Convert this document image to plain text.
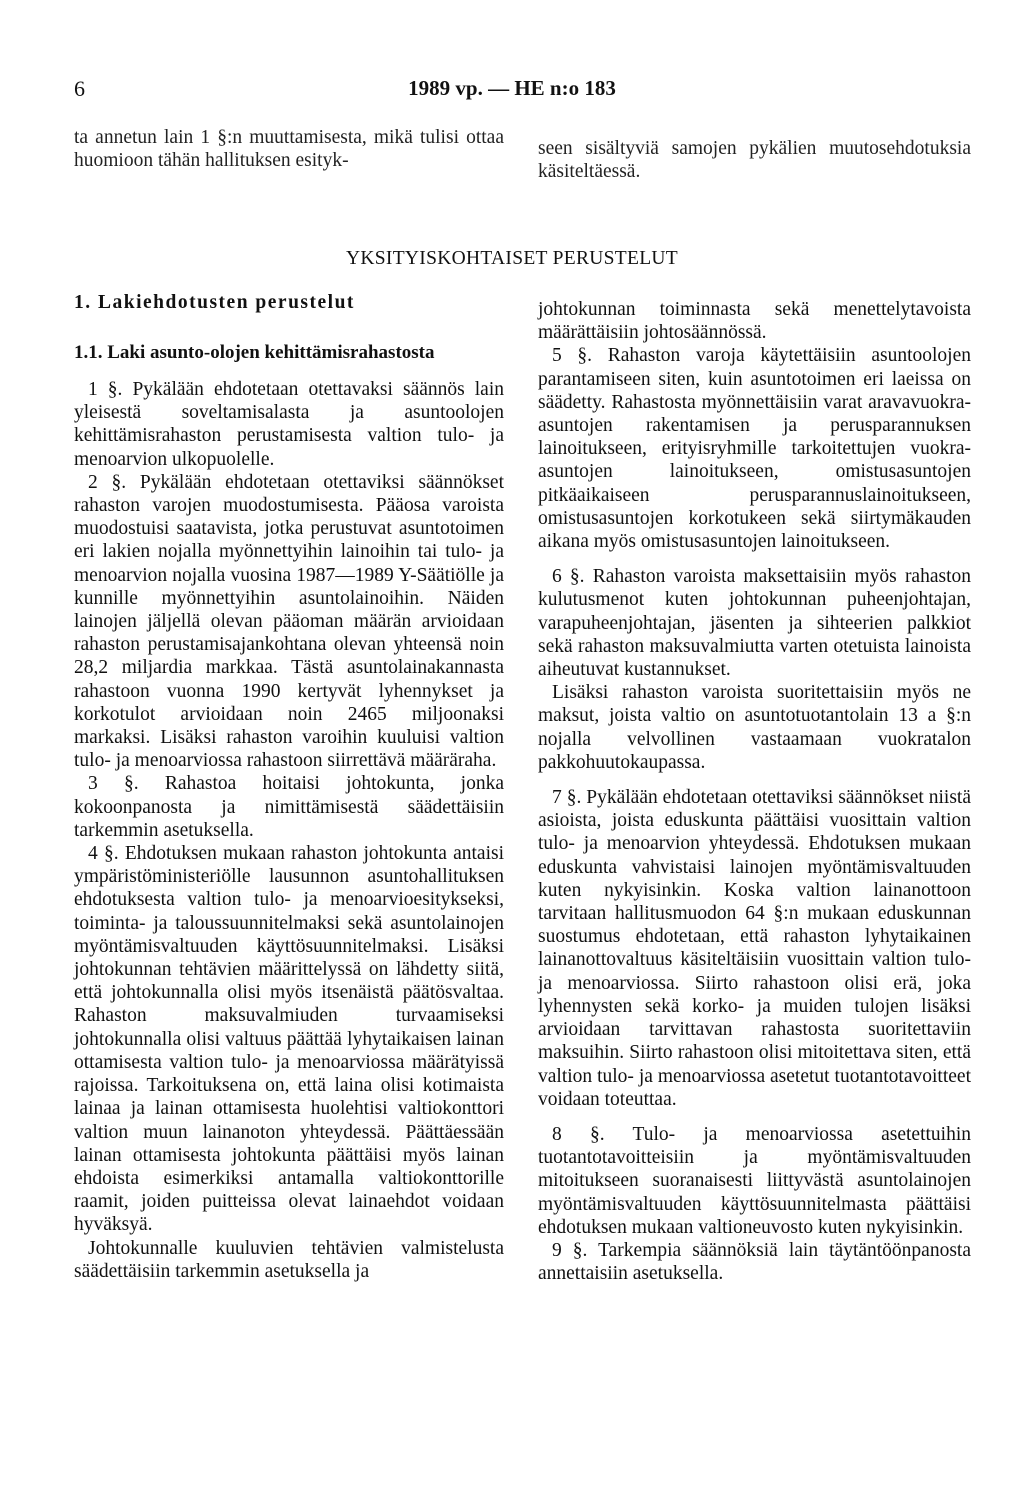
6	1989 vp. — HE n:o 183

ta annetun lain 1 §:n muuttamisesta, mikä tulisi ottaa huomioon tähän hallituksen esityk-

seen sisältyviä samojen pykälien muutosehdotuksia käsiteltäessä.

YKSITYISKOHTAISET PERUSTELUT
1. Lakiehdotusten perustelut
1.1. Laki asunto-olojen kehittämisrahastosta

1 §. Pykälään ehdotetaan otettavaksi säännös lain yleisestä soveltamisalasta ja asuntoolojen kehittämisrahaston perustamisesta valtion tulo- ja menoarvion ulkopuolelle.

2 §. Pykälään ehdotetaan otettaviksi säännökset rahaston varojen muodostumisesta. Pääosa varoista muodostuisi saatavista, jotka perustuvat asuntotoimen eri lakien nojalla myönnettyihin lainoihin tai tulo- ja menoarvion nojalla vuosina 1987—1989 Y-Säätiölle ja kunnille myönnettyihin asuntolainoihin. Näiden lainojen jäljellä olevan pääoman määrän arvioidaan rahaston perustamisajankohtana olevan yhteensä noin 28,2 miljardia markkaa. Tästä asuntolainakannasta rahastoon vuonna 1990 kertyvät lyhennykset ja korkotulot arvioidaan noin 2465 miljoonaksi markaksi. Lisäksi rahaston varoihin kuuluisi valtion tulo- ja menoarviossa rahastoon siirrettävä määräraha.

3 §. Rahastoa hoitaisi johtokunta, jonka kokoonpanosta ja nimittämisestä säädettäisiin tarkemmin asetuksella.

4 §. Ehdotuksen mukaan rahaston johtokunta antaisi ympäristöministeriölle lausunnon asuntohallituksen ehdotuksesta valtion tulo- ja menoarvioesitykseksi, toiminta- ja taloussuunnitelmaksi sekä asuntolainojen myöntämisvaltuuden käyttösuunnitelmaksi. Lisäksi johtokunnan tehtävien määrittelyssä on lähdetty siitä, että johtokunnalla olisi myös itsenäistä päätösvaltaa. Rahaston maksuvalmiuden turvaamiseksi johtokunnalla olisi valtuus päättää lyhytaikaisen lainan ottamisesta valtion tulo- ja menoarviossa määrätyissä rajoissa. Tarkoituksena on, että laina olisi kotimaista lainaa ja lainan ottamisesta huolehtisi valtiokonttori valtion muun lainanoton yhteydessä. Päättäessään lainan ottamisesta johtokunta päättäisi myös lainan ehdoista esimerkiksi antamalla valtiokonttorille raamit, joiden puitteissa olevat lainaehdot voidaan hyväksyä.

Johtokunnalle kuuluvien tehtävien valmistelusta säädettäisiin tarkemmin asetuksella ja

johtokunnan toiminnasta sekä menettelytavoista määrättäisiin johtosäännössä.

5 §. Rahaston varoja käytettäisiin asuntoolojen parantamiseen siten, kuin asuntotoimen eri laeissa on säädetty. Rahastosta myönnettäisiin varat aravavuokra-asuntojen rakentamisen ja perusparannuksen lainoitukseen, erityisryhmille tarkoitettujen vuokra-asuntojen lainoitukseen, omistusasuntojen pitkäaikaiseen perusparannuslainoitukseen, omistusasuntojen korkotukeen sekä siirtymäkauden aikana myös omistusasuntojen lainoitukseen.

6 §. Rahaston varoista maksettaisiin myös rahaston kulutusmenot kuten johtokunnan puheenjohtajan, varapuheenjohtajan, jäsenten ja sihteerien palkkiot sekä rahaston maksuvalmiutta varten otetuista lainoista aiheutuvat kustannukset.

Lisäksi rahaston varoista suoritettaisiin myös ne maksut, joista valtio on asuntotuotantolain 13 a §:n nojalla velvollinen vastaamaan vuokratalon pakkohuutokaupassa.

7 §. Pykälään ehdotetaan otettaviksi säännökset niistä asioista, joista eduskunta päättäisi vuosittain valtion tulo- ja menoarvion yhteydessä. Ehdotuksen mukaan eduskunta vahvistaisi lainojen myöntämisvaltuuden kuten nykyisinkin. Koska valtion lainanottoon tarvitaan hallitusmuodon 64 §:n mukaan eduskunnan suostumus ehdotetaan, että rahaston lyhytaikainen lainanottovaltuus käsiteltäisiin vuosittain valtion tulo- ja menoarviossa. Siirto rahastoon olisi erä, joka lyhennysten sekä korko- ja muiden tulojen lisäksi arvioidaan tarvittavan rahastosta suoritettaviin maksuihin. Siirto rahastoon olisi mitoitettava siten, että valtion tulo- ja menoarviossa asetetut tuotantotavoitteet voidaan toteuttaa.

8 §. Tulo- ja menoarviossa asetettuihin tuotantotavoitteisiin ja myöntämisvaltuuden mitoitukseen suoranaisesti liittyvästä asuntolainojen myöntämisvaltuuden käyttösuunnitelmasta päättäisi ehdotuksen mukaan valtioneuvosto kuten nykyisinkin.

9 §. Tarkempia säännöksiä lain täytäntöönpanosta annettaisiin asetuksella.
